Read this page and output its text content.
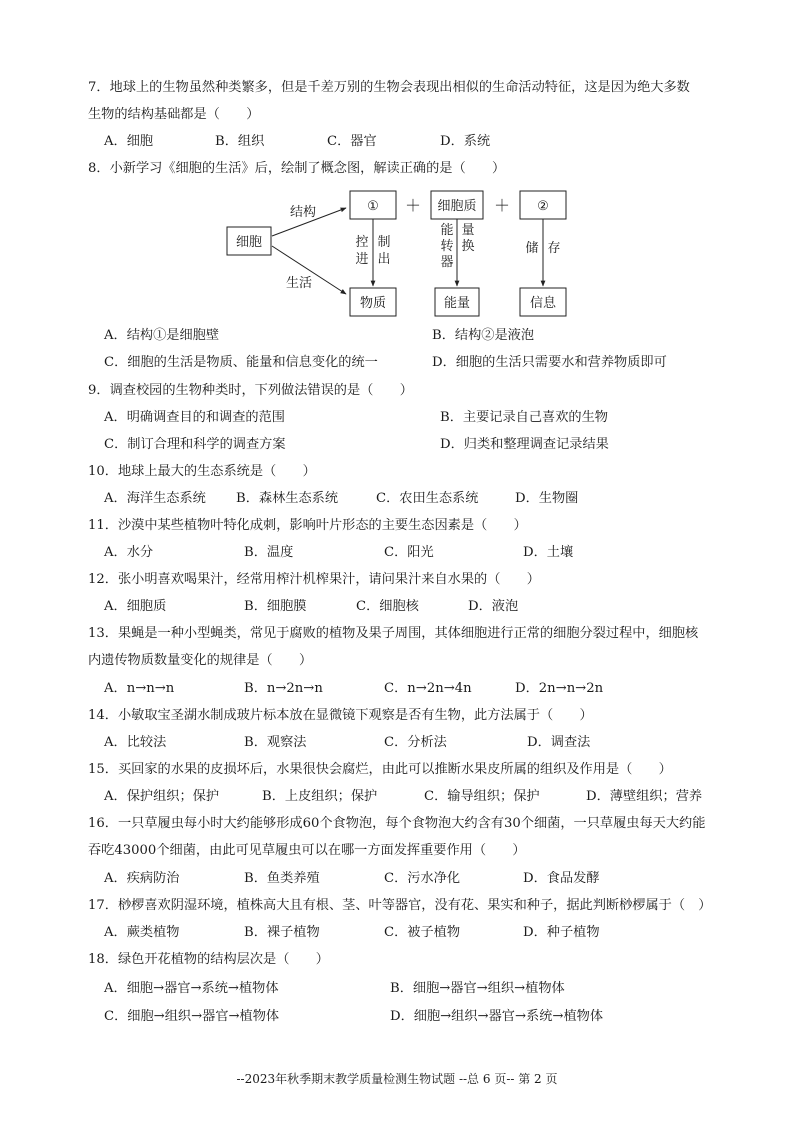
7．地球上的生物虽然种类繁多，但是千差万别的生物会表现出相似的生命活动特征，这是因为绝大多数
生物的结构基础都是（　　）
A．细胞	B．组织	C．器官	D．系统
8．小新学习《细胞的生活》后，绘制了概念图，解读正确的是（　　）
细胞
结构
生活
① ＋ 细胞质 ＋ ②
控
进
制
出
能
转
器
量
换	储 存
物质	能量	信息
A．结构①是细胞壁	B．结构②是液泡
C．细胞的生活是物质、能量和信息变化的统一	D．细胞的生活只需要水和营养物质即可
9．调查校园的生物种类时，下列做法错误的是（　　）
A．明确调查目的和调查的范围	B．主要记录自己喜欢的生物
C．制订合理和科学的调查方案	D．归类和整理调查记录结果
10．地球上最大的生态系统是（　　）
A．海洋生态系统 B．森林生态系统	C．农田生态系统	D．生物圈
11．沙漠中某些植物叶特化成刺，影响叶片形态的主要生态因素是（　　）
A．水分	B．温度	C．阳光	D．土壤
12．张小明喜欢喝果汁，经常用榨汁机榨果汁，请问果汁来自水果的（　　）
A．细胞质	B．细胞膜	C．细胞核	D．液泡
13．果蝇是一种小型蝇类，常见于腐败的植物及果子周围，其体细胞进行正常的细胞分裂过程中，细胞核
内遗传物质数量变化的规律是（　　）
A．n→n→n	B．n→2n→n	C．n→2n→4n	D．2n→n→2n
14．小敏取宝圣湖水制成玻片标本放在显微镜下观察是否有生物，此方法属于（　　）
A．比较法	B．观察法	C．分析法	D．调查法
15．买回家的水果的皮损坏后，水果很快会腐烂，由此可以推断水果皮所属的组织及作用是（　　）
A．保护组织；保护	B．上皮组织；保护	C．输导组织；保护	D．薄壁组织；营养
16．一只草履虫每小时大约能够形成60个食物泡，每个食物泡大约含有30个细菌，一只草履虫每天大约能
吞吃43000个细菌，由此可见草履虫可以在哪一方面发挥重要作用（　　）
A．疾病防治	B．鱼类养殖	C．污水净化	D．食品发酵
17．桫椤喜欢阴湿环境，植株高大且有根、茎、叶等器官，没有花、果实和种子，据此判断桫椤属于（　）
A．蕨类植物	B．裸子植物	C．被子植物	D．种子植物
18．绿色开花植物的结构层次是（　　）
A．细胞→器官→系统→植物体	B．细胞→器官→组织→植物体
C．细胞→组织→器官→植物体	D．细胞→组织→器官→系统→植物体
--2023年秋季期末教学质量检测生物试题 --总 6 页-- 第 2 页
